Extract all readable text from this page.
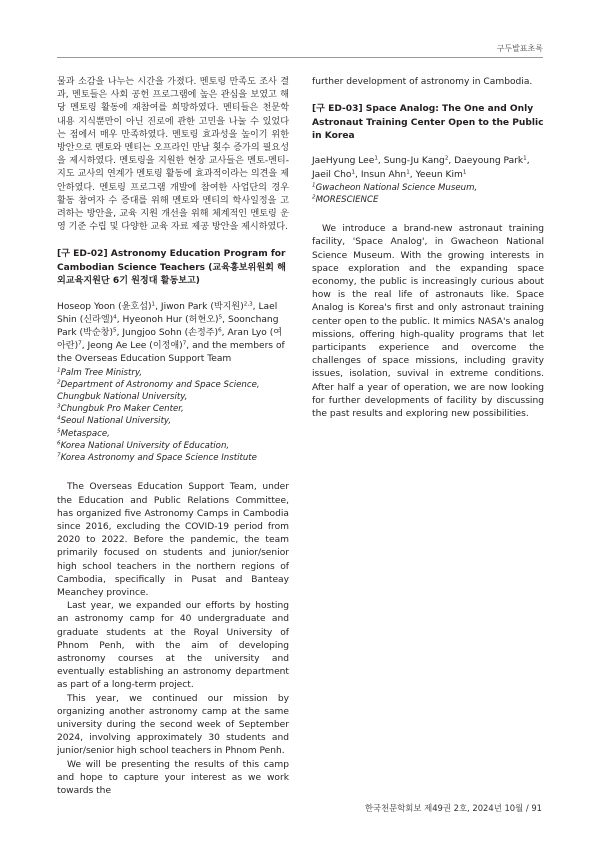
구두발표초록

물과 소감을 나누는 시간을 가졌다. 멘토링 만족도 조사 결과, 멘토들은 사회 공헌 프로그램에 높은 관심을 보였고 해당 멘토링 활동에 재참여를 희망하였다. 멘티들은 천문학 내용 지식뿐만이 아닌 진로에 관한 고민을 나눌 수 있었다는 점에서 매우 만족하였다. 멘토링 효과성을 높이기 위한 방안으로 멘토와 멘티는 오프라인 만남 횟수 증가의 필요성을 제시하였다. 멘토링을 지원한 현장 교사들은 멘토-멘티-지도 교사의 연계가 멘토링 활동에 효과적이라는 의견을 제안하였다. 멘토링 프로그램 개발에 참여한 사업단의 경우 활동 참여자 수 증대를 위해 멘토와 멘티의 학사일정을 고려하는 방안을, 교육 지원 개선을 위해 체계적인 멘토링 운영 기준 수립 및 다양한 교육 자료 제공 방안을 제시하였다.

[구 ED-02] Astronomy Education Program for Cambodian Science Teachers (교육홍보위원회 해외교육지원단 6기 원정대 활동보고)

Hoseop Yoon (윤호섭)$^1$, Jiwon Park (박지원)$^{2,3}$, Lael Shin (신라엘)$^4$, Hyeonoh Hur (허현오)$^5$, Soonchang Park (박순창)$^5$, Jungjoo Sohn (손정주)$^6$, Aran Lyo (여아란)$^7$, Jeong Ae Lee (이정애)$^7$, and the members of the Overseas Education Support Team

$^1$Palm Tree Ministry,

$^2$Department of Astronomy and Space Science, Chungbuk National University,

$^3$Chungbuk Pro Maker Center,

$^4$Seoul National University,

$^5$Metaspace,

$^6$Korea National University of Education,

$^7$Korea Astronomy and Space Science Institute

The Overseas Education Support Team, under the Education and Public Relations Committee, has organized five Astronomy Camps in Cambodia since 2016, excluding the COVID-19 period from 2020 to 2022. Before the pandemic, the team primarily focused on students and junior/senior high school teachers in the northern regions of Cambodia, specifically in Pusat and Banteay Meanchey province.

Last year, we expanded our efforts by hosting an astronomy camp for 40 undergraduate and graduate students at the Royal University of Phnom Penh, with the aim of developing astronomy courses at the university and eventually establishing an astronomy department as part of a long-term project.

This year, we continued our mission by organizing another astronomy camp at the same university during the second week of September 2024, involving approximately 30 students and junior/senior high school teachers in Phnom Penh.

We will be presenting the results of this camp and hope to capture your interest as we work towards the

further development of astronomy in Cambodia.

[구 ED-03] Space Analog: The One and Only Astronaut Training Center Open to the Public in Korea

JaeHyung Lee$^1$, Sung-Ju Kang$^2$, Daeyoung Park$^1$, Jaeil Cho$^1$, Insun Ahn$^1$, Yeeun Kim$^1$

$^1$Gwacheon National Science Museum,

$^2$MORESCIENCE

We introduce a brand-new astronaut training facility, 'Space Analog', in Gwacheon National Science Museum. With the growing interests in space exploration and the expanding space economy, the public is increasingly curious about how is the real life of astronauts like. Space Analog is Korea's first and only astronaut training center open to the public. It mimics NASA's analog missions, offering high-quality programs that let participants experience and overcome the challenges of space missions, including gravity issues, isolation, suvival in extreme conditions. After half a year of operation, we are now looking for further developments of facility by discussing the past results and exploring new possibilities.

한국천문학회보 제49권 2호, 2024년 10월 / 91
